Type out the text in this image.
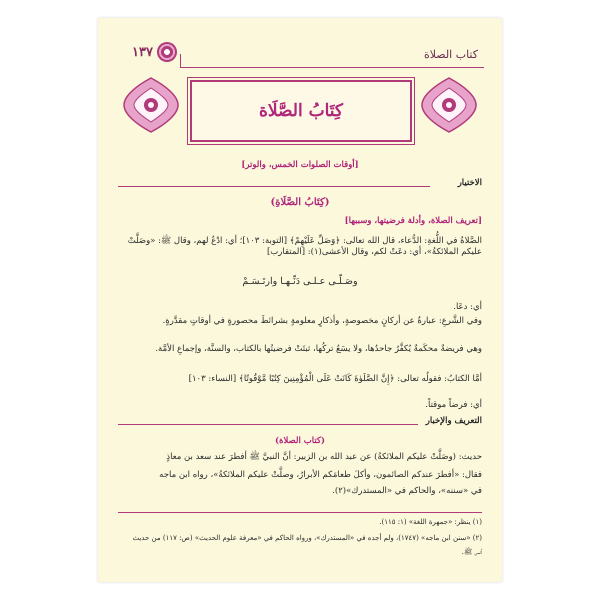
كتاب الصلاة
١٣٧
كِتَابُ الصَّلَاة
[أوقات الصلوات الخمس، والوتر]
الاختيار
(كِتَابُ الصَّلَاةِ)
[تعريف الصلاة، وأدلة فرضيتها، وسببها]
الصَّلاةُ في اللُّغةِ: الدُّعاء، قال الله تعالى: ﴿وَصَلِّ عَلَيْهِمْ﴾ [التوبة: ١٠٣]؛ أي: ادْعُ لهم، وقال ﷺ: «وصَلَّتْ عليكم الملائكةُ»، أي: دعَتْ لكم، وقال الأعشى(١): [المتقارب]
وصَـلّـى عـلـى دَنِّـهـا وارتَـسَـمْ
أي: دعَا.
وفي الشَّرعِ: عبارةٌ عن أركانٍ مخصوصةٍ، وأذكارٍ معلومةٍ بشرائطَ محصورةٍ في أوقاتٍ مقدَّرةٍ.
وهي فريضةٌ محكَمةٌ يُكفَّرُ جاحدُها، ولا يسَعُ تركُها، ثبتَتْ فرضيتُها بالكتاب، والسنَّة، وإجماعِ الأمَّة.
أمَّا الكتابُ: فقولُه تعالى: ﴿إِنَّ الصَّلَوٰةَ كَانَتْ عَلَى الْمُؤْمِنِينَ كِتَٰبًا مَّوْقُوتًا﴾ [النساء: ١٠٣]
أي: فرضاً موقتاً.
التعريف والإخبار
(كتاب الصلاة)
حديث: (وصَلَّتْ عليكم الملائكةُ) عن عبد الله بن الزبير: أنَّ النبيَّ ﷺ أفطرَ عند سعد بن معاذٍ
فقال: «أفطرَ عندكم الصائمون، وأكلَ طعامَكم الأبرارُ، وصلَّتْ عليكم الملائكةُ»، رواه ابن ماجه
في «سننه»، والحاكم في «المستدرك»(٢).
(١) ينظر: «جمهرة اللغة» (١: ١١٥).
(٢) «سنن ابن ماجه» (١٧٤٧)، ولم أجده في «المستدرك»، ورواه الحاكم في «معرفة علوم الحديث» (ص: ١١٧) من حديث
أنس ﷺ.
